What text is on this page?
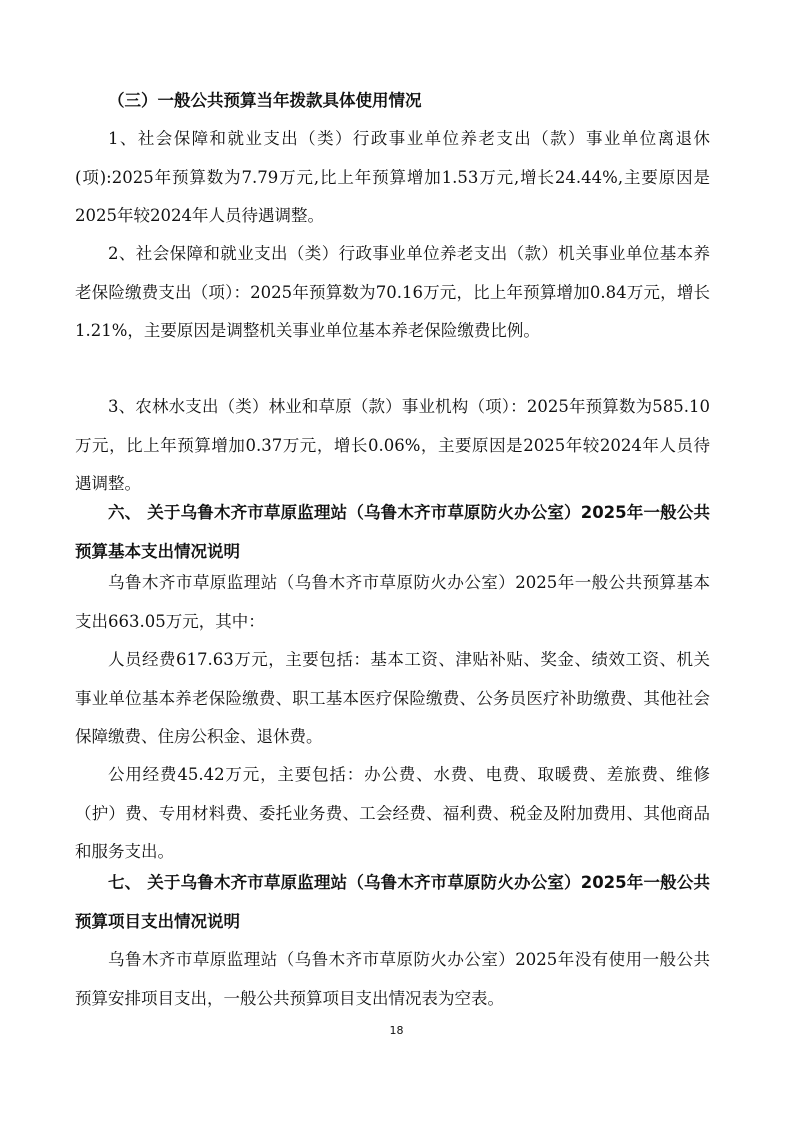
（三）一般公共预算当年拨款具体使用情况

1、社会保障和就业支出（类）行政事业单位养老支出（款）事业单位离退休(项):2025年预算数为7.79万元,比上年预算增加1.53万元,增长24.44%,主要原因是2025年较2024年人员待遇调整。

2、社会保障和就业支出（类）行政事业单位养老支出（款）机关事业单位基本养老保险缴费支出（项）：2025年预算数为70.16万元，比上年预算增加0.84万元，增长1.21%，主要原因是调整机关事业单位基本养老保险缴费比例。

3、农林水支出（类）林业和草原（款）事业机构（项）：2025年预算数为585.10万元，比上年预算增加0.37万元，增长0.06%，主要原因是2025年较2024年人员待遇调整。

六、 关于乌鲁木齐市草原监理站（乌鲁木齐市草原防火办公室）2025年一般公共预算基本支出情况说明

乌鲁木齐市草原监理站（乌鲁木齐市草原防火办公室）2025年一般公共预算基本支出663.05万元，其中：

人员经费617.63万元，主要包括：基本工资、津贴补贴、奖金、绩效工资、机关事业单位基本养老保险缴费、职工基本医疗保险缴费、公务员医疗补助缴费、其他社会保障缴费、住房公积金、退休费。

公用经费45.42万元，主要包括：办公费、水费、电费、取暖费、差旅费、维修（护）费、专用材料费、委托业务费、工会经费、福利费、税金及附加费用、其他商品和服务支出。

七、 关于乌鲁木齐市草原监理站（乌鲁木齐市草原防火办公室）2025年一般公共预算项目支出情况说明

乌鲁木齐市草原监理站（乌鲁木齐市草原防火办公室）2025年没有使用一般公共预算安排项目支出，一般公共预算项目支出情况表为空表。

18
